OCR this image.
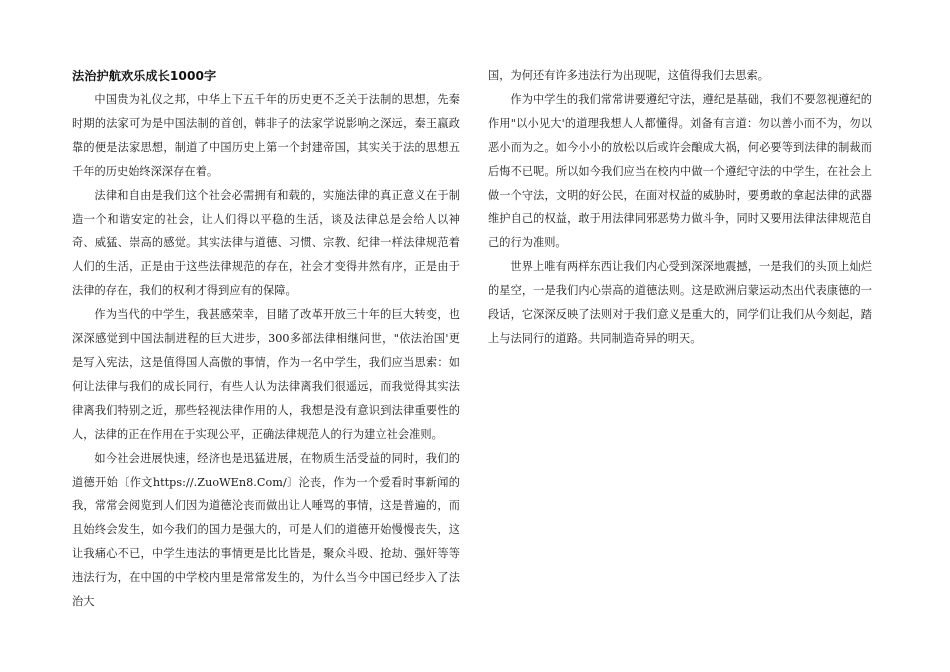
法治护航欢乐成长1000字

中国贵为礼仪之邦，中华上下五千年的历史更不乏关于法制的思想，先秦时期的法家可为是中国法制的首创，韩非子的法家学说影响之深远，秦王嬴政靠的便是法家思想，制道了中国历史上第一个封建帝国，其实关于法的思想五千年的历史始终深深存在着。

法律和自由是我们这个社会必需拥有和载的，实施法律的真正意义在于制造一个和谐安定的社会，让人们得以平稳的生活，谈及法律总是会给人以神奇、威猛、崇高的感觉。其实法律与道德、习惯、宗教、纪律一样法律规范着人们的生活，正是由于这些法律规范的存在，社会才变得井然有序，正是由于法律的存在，我们的权利才得到应有的保障。

作为当代的中学生，我甚感荣幸，目睹了改革开放三十年的巨大转变，也深深感觉到中国法制进程的巨大进步，300多部法律相继问世，"依法治国'更是写入宪法，这是值得国人高傲的事情，作为一名中学生，我们应当思索：如何让法律与我们的成长同行，有些人认为法律离我们很遥远，而我觉得其实法律离我们特别之近，那些轻视法律作用的人，我想是没有意识到法律重要性的人，法律的正在作用在于实现公平，正确法律规范人的行为建立社会准则。

如今社会进展快速，经济也是迅猛进展，在物质生活受益的同时，我们的道德开始〔作文https://.ZuoWEn8.Com/〕沦丧，作为一个爱看时事新闻的我，常常会阅览到人们因为道德沦丧而做出让人唾骂的事情，这是普遍的，而且始终会发生，如今我们的国力是强大的，可是人们的道德开始慢慢丧失，这让我痛心不已，中学生违法的事情更是比比皆是，聚众斗殴、抢劫、强奸等等违法行为，在中国的中学校内里是常常发生的，为什么当今中国已经步入了法治大

国，为何还有许多违法行为出现呢，这值得我们去思索。

作为中学生的我们常常讲要遵纪守法，遵纪是基础，我们不要忽视遵纪的作用"以小见大'的道理我想人人都懂得。刘备有言道：勿以善小而不为，勿以恶小而为之。如今小小的放松以后或许会酿成大祸，何必要等到法律的制裁而后悔不已呢。所以如今我们应当在校内中做一个遵纪守法的中学生，在社会上做一个守法，文明的好公民，在面对权益的威胁时，要勇敢的拿起法律的武器维护自己的权益，敢于用法律同邪恶势力做斗争，同时又要用法律法律规范自己的行为准则。

世界上唯有两样东西让我们内心受到深深地震撼，一是我们的头顶上灿烂的星空，一是我们内心崇高的道德法则。这是欧洲启蒙运动杰出代表康德的一段话，它深深反映了法则对于我们意义是重大的，同学们让我们从今刻起，踏上与法同行的道路。共同制造奇异的明天。
